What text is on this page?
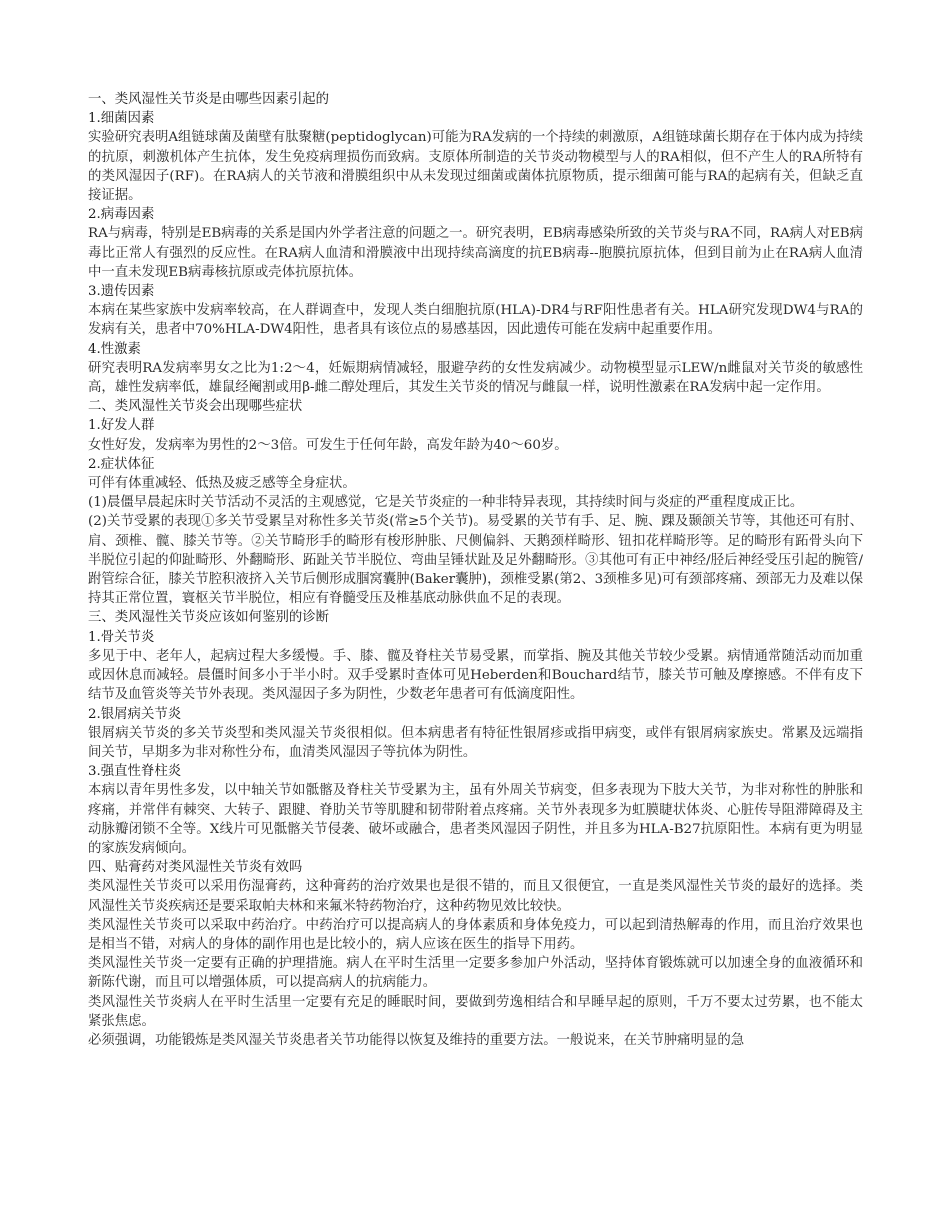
一、类风湿性关节炎是由哪些因素引起的
1.细菌因素
实验研究表明A组链球菌及菌壁有肽聚糖(peptidoglycan)可能为RA发病的一个持续的刺激原，A组链球菌长期存在于体内成为持续的抗原，刺激机体产生抗体，发生免疫病理损伤而致病。支原体所制造的关节炎动物模型与人的RA相似，但不产生人的RA所特有的类风湿因子(RF)。在RA病人的关节液和滑膜组织中从未发现过细菌或菌体抗原物质，提示细菌可能与RA的起病有关，但缺乏直接证据。
2.病毒因素
RA与病毒，特别是EB病毒的关系是国内外学者注意的问题之一。研究表明，EB病毒感染所致的关节炎与RA不同，RA病人对EB病毒比正常人有强烈的反应性。在RA病人血清和滑膜液中出现持续高滴度的抗EB病毒--胞膜抗原抗体，但到目前为止在RA病人血清中一直未发现EB病毒核抗原或壳体抗原抗体。
3.遗传因素
本病在某些家族中发病率较高，在人群调查中，发现人类白细胞抗原(HLA)-DR4与RF阳性患者有关。HLA研究发现DW4与RA的发病有关，患者中70%HLA-DW4阳性，患者具有该位点的易感基因，因此遗传可能在发病中起重要作用。
4.性激素
研究表明RA发病率男女之比为1:2～4，妊娠期病情减轻，服避孕药的女性发病减少。动物模型显示LEW/n雌鼠对关节炎的敏感性高，雄性发病率低，雄鼠经阉割或用β-雌二醇处理后，其发生关节炎的情况与雌鼠一样，说明性激素在RA发病中起一定作用。
二、类风湿性关节炎会出现哪些症状
1.好发人群
女性好发，发病率为男性的2～3倍。可发生于任何年龄，高发年龄为40～60岁。
2.症状体征
可伴有体重减轻、低热及疲乏感等全身症状。
(1)晨僵早晨起床时关节活动不灵活的主观感觉，它是关节炎症的一种非特异表现，其持续时间与炎症的严重程度成正比。
(2)关节受累的表现①多关节受累呈对称性多关节炎(常≥5个关节)。易受累的关节有手、足、腕、踝及颞颌关节等，其他还可有肘、肩、颈椎、髋、膝关节等。②关节畸形手的畸形有梭形肿胀、尺侧偏斜、天鹅颈样畸形、钮扣花样畸形等。足的畸形有跖骨头向下半脱位引起的仰趾畸形、外翻畸形、跖趾关节半脱位、弯曲呈锤状趾及足外翻畸形。③其他可有正中神经/胫后神经受压引起的腕管/跗管综合征，膝关节腔积液挤入关节后侧形成腘窝囊肿(Baker囊肿)，颈椎受累(第2、3颈椎多见)可有颈部疼痛、颈部无力及难以保持其正常位置，寰枢关节半脱位，相应有脊髓受压及椎基底动脉供血不足的表现。
三、类风湿性关节炎应该如何鉴别的诊断
1.骨关节炎
多见于中、老年人，起病过程大多缓慢。手、膝、髋及脊柱关节易受累，而掌指、腕及其他关节较少受累。病情通常随活动而加重或因休息而减轻。晨僵时间多小于半小时。双手受累时查体可见Heberden和Bouchard结节，膝关节可触及摩擦感。不伴有皮下结节及血管炎等关节外表现。类风湿因子多为阴性，少数老年患者可有低滴度阳性。
2.银屑病关节炎
银屑病关节炎的多关节炎型和类风湿关节炎很相似。但本病患者有特征性银屑疹或指甲病变，或伴有银屑病家族史。常累及远端指间关节，早期多为非对称性分布，血清类风湿因子等抗体为阴性。
3.强直性脊柱炎
本病以青年男性多发，以中轴关节如骶髂及脊柱关节受累为主，虽有外周关节病变，但多表现为下肢大关节，为非对称性的肿胀和疼痛，并常伴有棘突、大转子、跟腱、脊肋关节等肌腱和韧带附着点疼痛。关节外表现多为虹膜睫状体炎、心脏传导阻滞障碍及主动脉瓣闭锁不全等。X线片可见骶髂关节侵袭、破坏或融合，患者类风湿因子阴性，并且多为HLA-B27抗原阳性。本病有更为明显的家族发病倾向。
四、贴膏药对类风湿性关节炎有效吗
类风湿性关节炎可以采用伤湿膏药，这种膏药的治疗效果也是很不错的，而且又很便宜，一直是类风湿性关节炎的最好的选择。类风湿性关节炎疾病还是要采取帕夫林和来氟米特药物治疗，这种药物见效比较快。
类风湿性关节炎可以采取中药治疗。中药治疗可以提高病人的身体素质和身体免疫力，可以起到清热解毒的作用，而且治疗效果也是相当不错，对病人的身体的副作用也是比较小的，病人应该在医生的指导下用药。
类风湿性关节炎一定要有正确的护理措施。病人在平时生活里一定要多参加户外活动，坚持体育锻炼就可以加速全身的血液循环和新陈代谢，而且可以增强体质，可以提高病人的抗病能力。
类风湿性关节炎病人在平时生活里一定要有充足的睡眠时间，要做到劳逸相结合和早睡早起的原则，千万不要太过劳累，也不能太紧张焦虑。
必须强调，功能锻炼是类风湿关节炎患者关节功能得以恢复及维持的重要方法。一般说来，在关节肿痛明显的急
